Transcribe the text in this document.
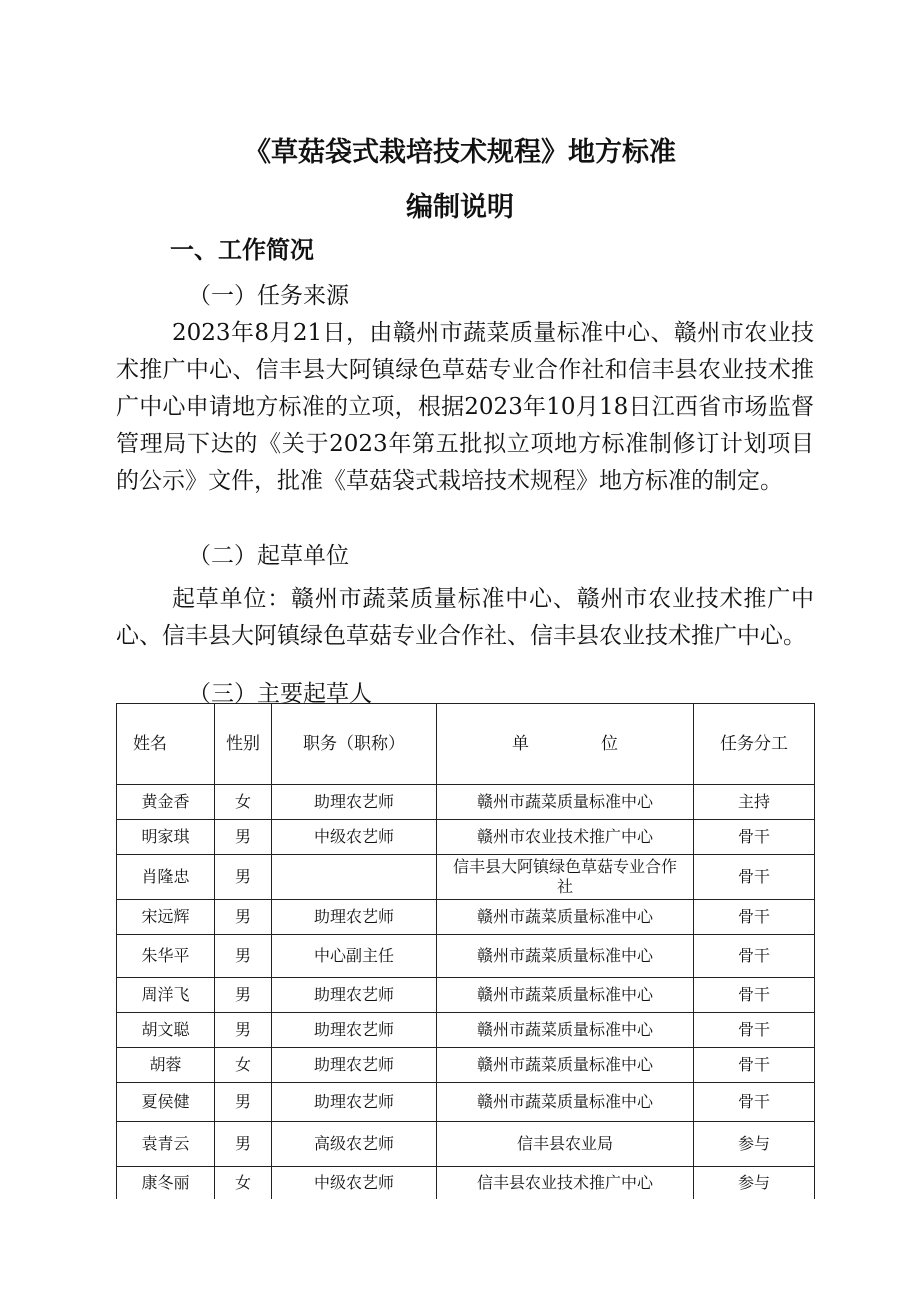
《草菇袋式栽培技术规程》地方标准
编制说明
一、工作简况
（一）任务来源

2023年8月21日，由赣州市蔬菜质量标准中心、赣州市农业技术推广中心、信丰县大阿镇绿色草菇专业合作社和信丰县农业技术推广中心申请地方标准的立项，根据2023年10月18日江西省市场监督管理局下达的《关于2023年第五批拟立项地方标准制修订计划项目的公示》文件，批准《草菇袋式栽培技术规程》地方标准的制定。

（二）起草单位

起草单位：赣州市蔬菜质量标准中心、赣州市农业技术推广中心、信丰县大阿镇绿色草菇专业合作社、信丰县农业技术推广中心。

（三）主要起草人
姓名	性别	职务（职称）	单 位	任务分工
黄金香	女	助理农艺师	赣州市蔬菜质量标准中心	主持
明家琪	男	中级农艺师	赣州市农业技术推广中心	骨干
肖隆忠	男		信丰县大阿镇绿色草菇专业合作社	骨干
宋远辉	男	助理农艺师	赣州市蔬菜质量标准中心	骨干
朱华平	男	中心副主任	赣州市蔬菜质量标准中心	骨干
周洋飞	男	助理农艺师	赣州市蔬菜质量标准中心	骨干
胡文聪	男	助理农艺师	赣州市蔬菜质量标准中心	骨干
胡蓉	女	助理农艺师	赣州市蔬菜质量标准中心	骨干
夏侯健	男	助理农艺师	赣州市蔬菜质量标准中心	骨干
袁青云	男	高级农艺师	信丰县农业局	参与
康冬丽	女	中级农艺师	信丰县农业技术推广中心	参与
